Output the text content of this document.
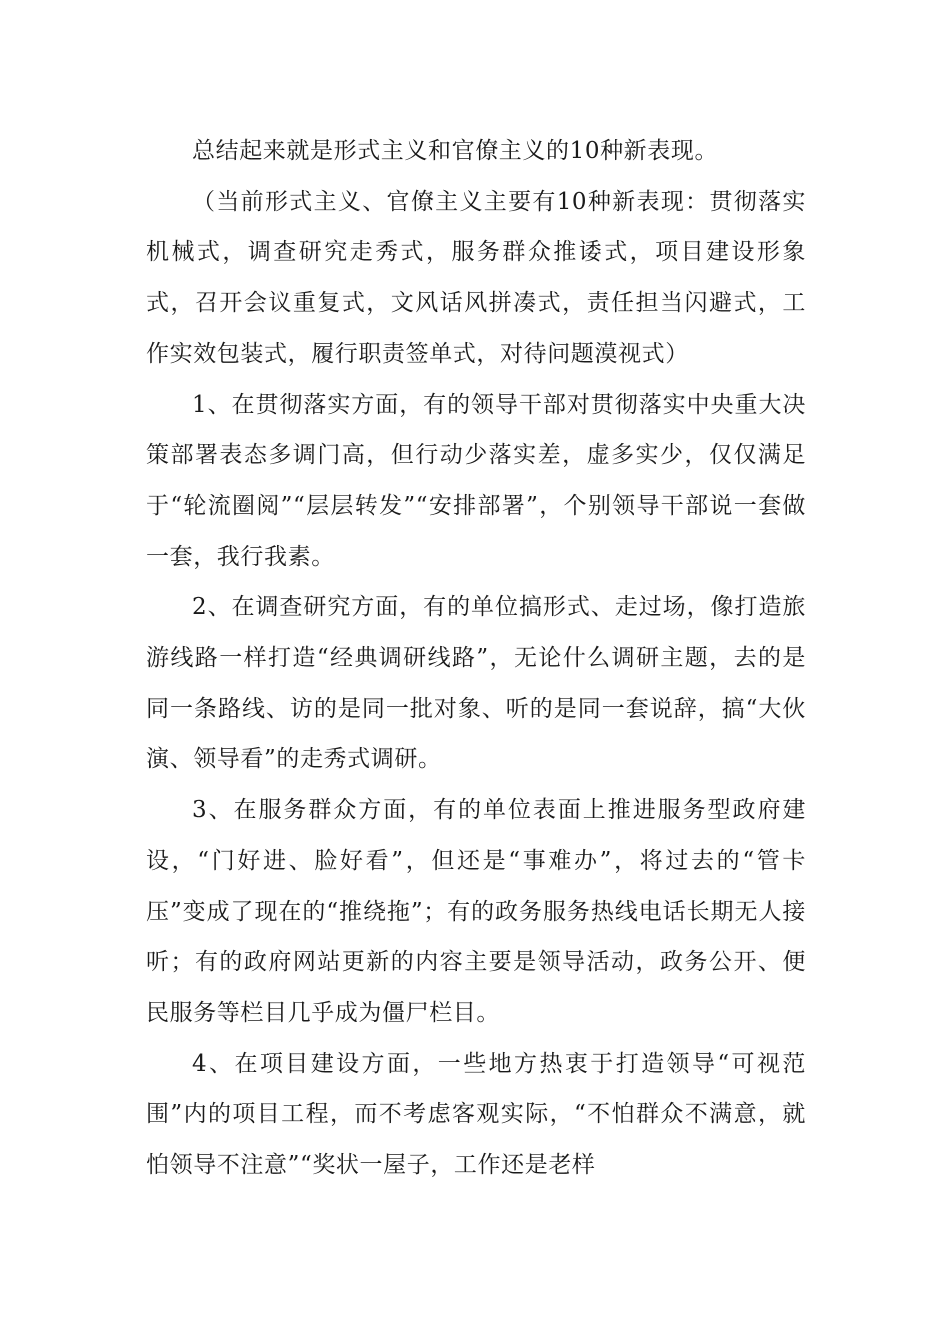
总结起来就是形式主义和官僚主义的10种新表现。

（当前形式主义、官僚主义主要有10种新表现：贯彻落实机械式，调查研究走秀式，服务群众推诿式，项目建设形象式，召开会议重复式，文风话风拼凑式，责任担当闪避式，工作实效包装式，履行职责签单式，对待问题漠视式）

1、在贯彻落实方面，有的领导干部对贯彻落实中央重大决策部署表态多调门高，但行动少落实差，虚多实少，仅仅满足于“轮流圈阅”“层层转发”“安排部署”，个别领导干部说一套做一套，我行我素。

2、在调查研究方面，有的单位搞形式、走过场，像打造旅游线路一样打造“经典调研线路”，无论什么调研主题，去的是同一条路线、访的是同一批对象、听的是同一套说辞，搞“大伙演、领导看”的走秀式调研。

3、在服务群众方面，有的单位表面上推进服务型政府建设，“门好进、脸好看”，但还是“事难办”，将过去的“管卡压”变成了现在的“推绕拖”；有的政务服务热线电话长期无人接听；有的政府网站更新的内容主要是领导活动，政务公开、便民服务等栏目几乎成为僵尸栏目。

4、在项目建设方面，一些地方热衷于打造领导“可视范围”内的项目工程，而不考虑客观实际，“不怕群众不满意，就怕领导不注意”“奖状一屋子，工作还是老样
